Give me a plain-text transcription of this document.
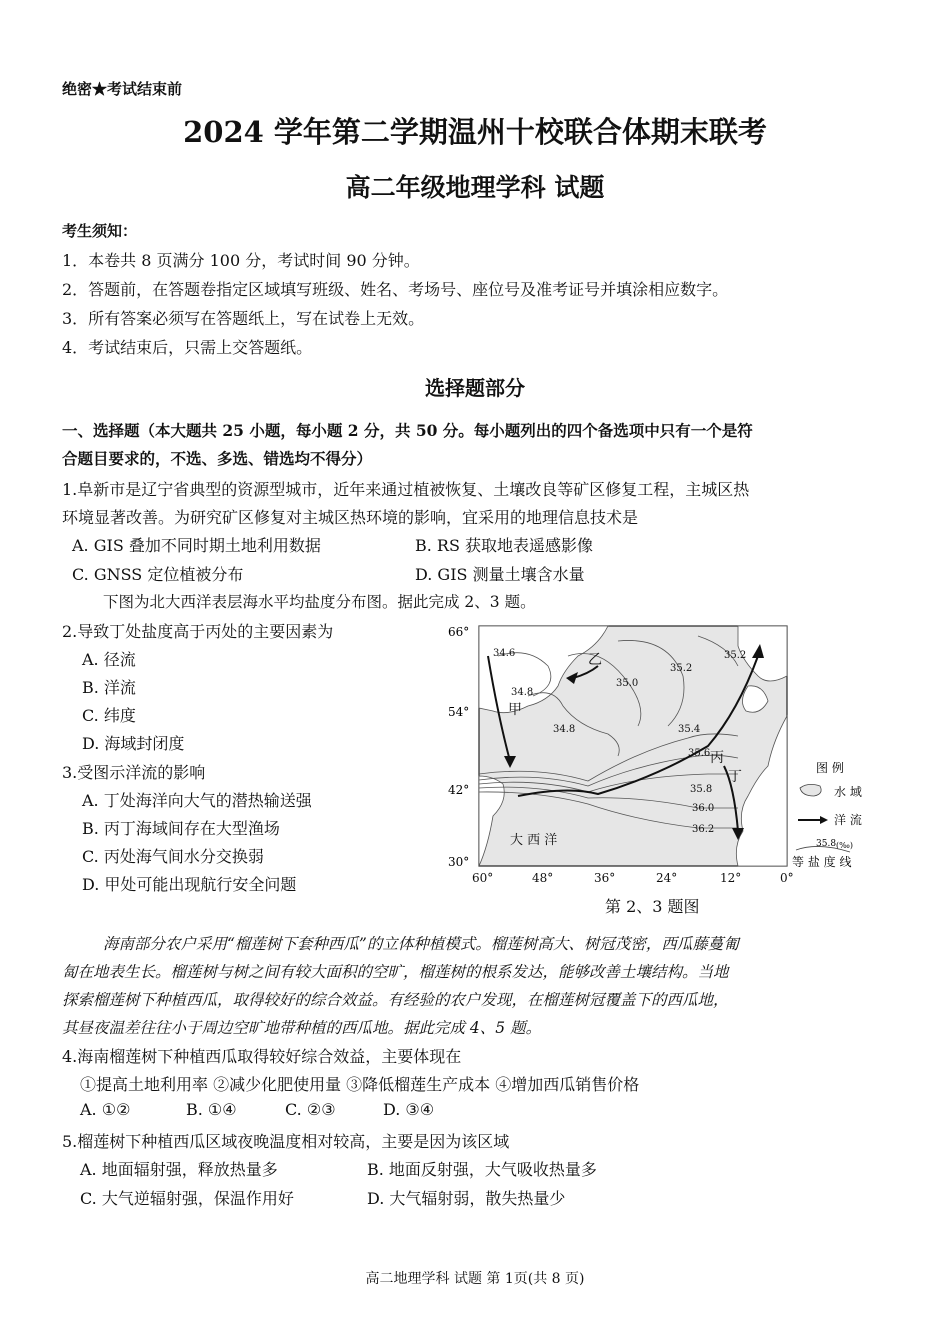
绝密★考试结束前
2024 学年第二学期温州十校联合体期末联考
高二年级地理学科 试题
考生须知：
1．本卷共 8 页满分 100 分，考试时间 90 分钟。
2．答题前，在答题卷指定区域填写班级、姓名、考场号、座位号及准考证号并填涂相应数字。
3．所有答案必须写在答题纸上，写在试卷上无效。
4．考试结束后，只需上交答题纸。
选择题部分
一、选择题（本大题共 25 小题，每小题 2 分，共 50 分。每小题列出的四个备选项中只有一个是符
合题目要求的，不选、多选、错选均不得分）
1.阜新市是辽宁省典型的资源型城市，近年来通过植被恢复、土壤改良等矿区修复工程，主城区热
环境显著改善。为研究矿区修复对主城区热环境的影响，宜采用的地理信息技术是
A. GIS 叠加不同时期土地利用数据	B. RS 获取地表遥感影像
C. GNSS 定位植被分布	D. GIS 测量土壤含水量
下图为北大西洋表层海水平均盐度分布图。据此完成 2、3 题。
2.导致丁处盐度高于丙处的主要因素为
A. 径流
B. 洋流
C. 纬度
D. 海域封闭度
3.受图示洋流的影响
A. 丁处海洋向大气的潜热输送强
B. 丙丁海域间存在大型渔场
C. 丙处海气间水分交换弱
D. 甲处可能出现航行安全问题
66°
54°
42°
30°
34.6
34.8
35.0
35.2
35.2
34.8	35.4
35.6
35.8
36.0
36.2
乙
甲
丙
丁
大 西 洋
60°	48°	36°	24°	12°	0°
图 例
水 域
洋 流
35.8 (‰)
等 盐 度 线
第 2、3 题图
海南部分农户采用“榴莲树下套种西瓜”的立体种植模式。榴莲树高大、树冠茂密，西瓜藤蔓匍
匐在地表生长。榴莲树与树之间有较大面积的空旷，榴莲树的根系发达，能够改善土壤结构。当地
探索榴莲树下种植西瓜，取得较好的综合效益。有经验的农户发现，在榴莲树冠覆盖下的西瓜地，
其昼夜温差往往小于周边空旷地带种植的西瓜地。据此完成 4、5 题。
4.海南榴莲树下种植西瓜取得较好综合效益，主要体现在
①提高土地利用率 ②减少化肥使用量 ③降低榴莲生产成本 ④增加西瓜销售价格
A. ①②	B. ①④	C. ②③	D. ③④
5.榴莲树下种植西瓜区域夜晚温度相对较高，主要是因为该区域
A. 地面辐射强，释放热量多	B. 地面反射强，大气吸收热量多
C. 大气逆辐射强，保温作用好	D. 大气辐射弱，散失热量少
高二地理学科 试题 第 1页(共 8 页)
